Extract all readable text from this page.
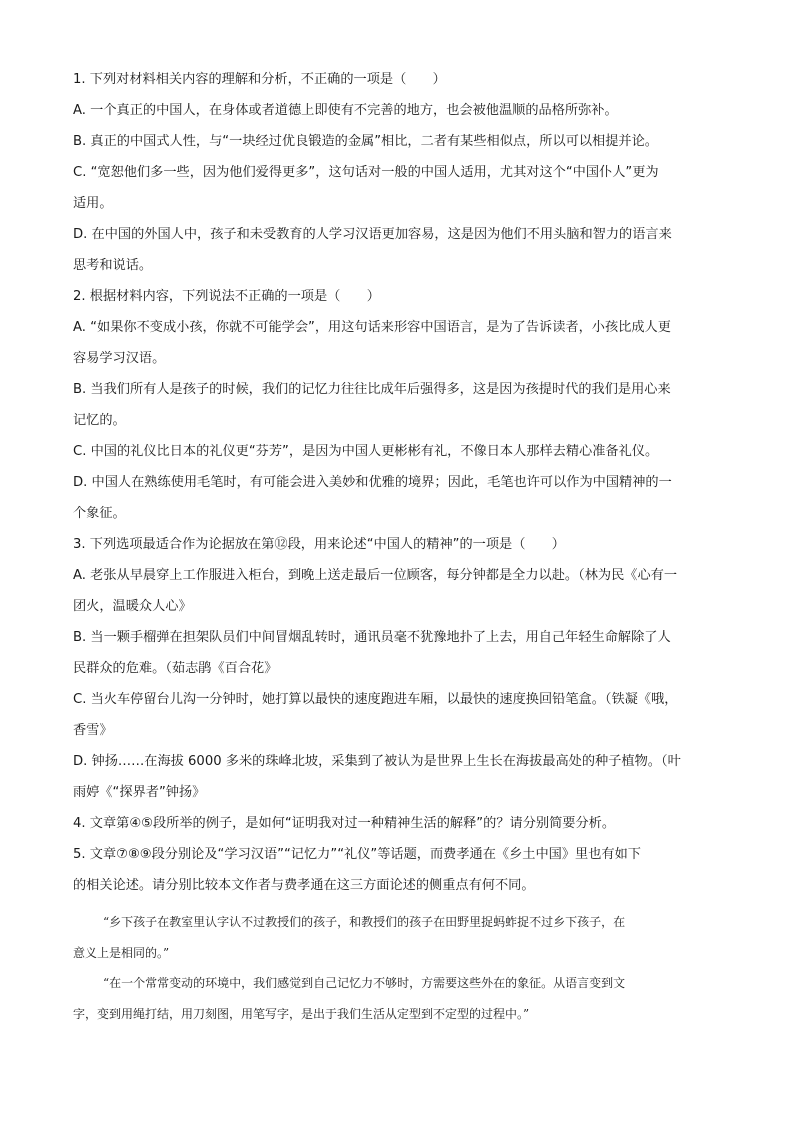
1. 下列对材料相关内容的理解和分析，不正确的一项是（　　）
A. 一个真正的中国人，在身体或者道德上即使有不完善的地方，也会被他温顺的品格所弥补。
B. 真正的中国式人性，与“一块经过优良锻造的金属”相比，二者有某些相似点，所以可以相提并论。
C. “宽恕他们多一些，因为他们爱得更多”，这句话对一般的中国人适用，尤其对这个“中国仆人”更为
适用。
D. 在中国的外国人中，孩子和未受教育的人学习汉语更加容易，这是因为他们不用头脑和智力的语言来
思考和说话。
2. 根据材料内容，下列说法不正确的一项是（　　）
A. “如果你不变成小孩，你就不可能学会”，用这句话来形容中国语言，是为了告诉读者，小孩比成人更
容易学习汉语。
B. 当我们所有人是孩子的时候，我们的记忆力往往比成年后强得多，这是因为孩提时代的我们是用心来
记忆的。
C. 中国的礼仪比日本的礼仪更“芬芳”，是因为中国人更彬彬有礼，不像日本人那样去精心准备礼仪。
D. 中国人在熟练使用毛笔时，有可能会进入美妙和优雅的境界；因此，毛笔也许可以作为中国精神的一
个象征。
3. 下列选项最适合作为论据放在第⑫段，用来论述“中国人的精神”的一项是（　　）
A. 老张从早晨穿上工作服进入柜台，到晚上送走最后一位顾客，每分钟都是全力以赴。（林为民《心有一
团火，温暖众人心》
B. 当一颗手榴弹在担架队员们中间冒烟乱转时，通讯员毫不犹豫地扑了上去，用自己年轻生命解除了人
民群众的危难。（茹志鹃《百合花》
C. 当火车停留台儿沟一分钟时，她打算以最快的速度跑进车厢，以最快的速度换回铅笔盒。（铁凝《哦，
香雪》
D. 钟扬……在海拔 6000 多米的珠峰北坡，采集到了被认为是世界上生长在海拔最高处的种子植物。（叶
雨婷《“探界者”钟扬》
4. 文章第④⑤段所举的例子，是如何“证明我对过一种精神生活的解释”的？请分别简要分析。
5. 文章⑦⑧⑨段分别论及“学习汉语”“记忆力”“礼仪”等话题，而费孝通在《乡土中国》里也有如下
的相关论述。请分别比较本文作者与费孝通在这三方面论述的侧重点有何不同。
“乡下孩子在教室里认字认不过教授们的孩子，和教授们的孩子在田野里捉蚂蚱捉不过乡下孩子，在
意义上是相同的。”
“在一个常常变动的环境中，我们感觉到自己记忆力不够时，方需要这些外在的象征。从语言变到文
字，变到用绳打结，用刀刻图，用笔写字，是出于我们生活从定型到不定型的过程中。”
